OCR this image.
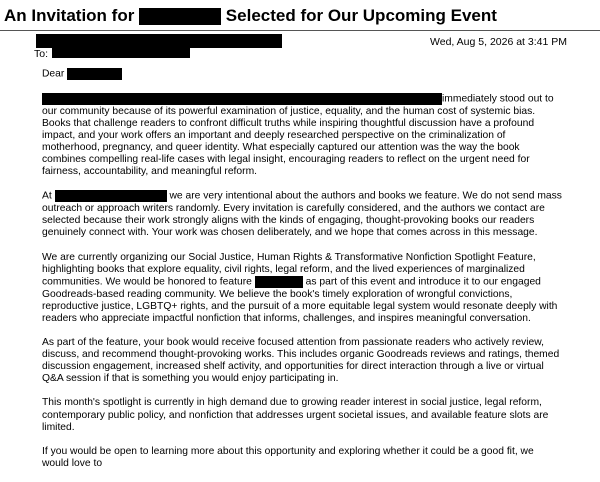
An Invitation for	Selected for Our Upcoming Event
Wed, Aug 5, 2026 at 3:41 PM
To:

Dear

immediately stood out to our community because of its powerful examination of justice, equality, and the human cost of systemic bias. Books that challenge readers to confront difficult truths while inspiring thoughtful discussion have a profound impact, and your work offers an important and deeply researched perspective on the criminalization of motherhood, pregnancy, and queer identity. What especially captured our attention was the way the book combines compelling real-life cases with legal insight, encouraging readers to reflect on the urgent need for fairness, accountability, and meaningful reform.

At	we are very intentional about the authors and books we feature. We do not send mass outreach or approach writers randomly. Every invitation is carefully considered, and the authors we contact are selected because their work strongly aligns with the kinds of engaging, thought-provoking books our readers genuinely connect with. Your work was chosen deliberately, and we hope that comes across in this message.

We are currently organizing our Social Justice, Human Rights & Transformative Nonfiction Spotlight Feature, highlighting books that explore equality, civil rights, legal reform, and the lived experiences of marginalized communities. We would be honored to feature	as part of this event and introduce it to our engaged Goodreads-based reading community. We believe the book's timely exploration of wrongful convictions, reproductive justice, LGBTQ+ rights, and the pursuit of a more equitable legal system would resonate deeply with readers who appreciate impactful nonfiction that informs, challenges, and inspires meaningful conversation.

As part of the feature, your book would receive focused attention from passionate readers who actively review, discuss, and recommend thought-provoking works. This includes organic Goodreads reviews and ratings, themed discussion engagement, increased shelf activity, and opportunities for direct interaction through a live or virtual Q&A session if that is something you would enjoy participating in.

This month's spotlight is currently in high demand due to growing reader interest in social justice, legal reform, contemporary public policy, and nonfiction that addresses urgent societal issues, and available feature slots are limited.

If you would be open to learning more about this opportunity and exploring whether it could be a good fit, we would love to
